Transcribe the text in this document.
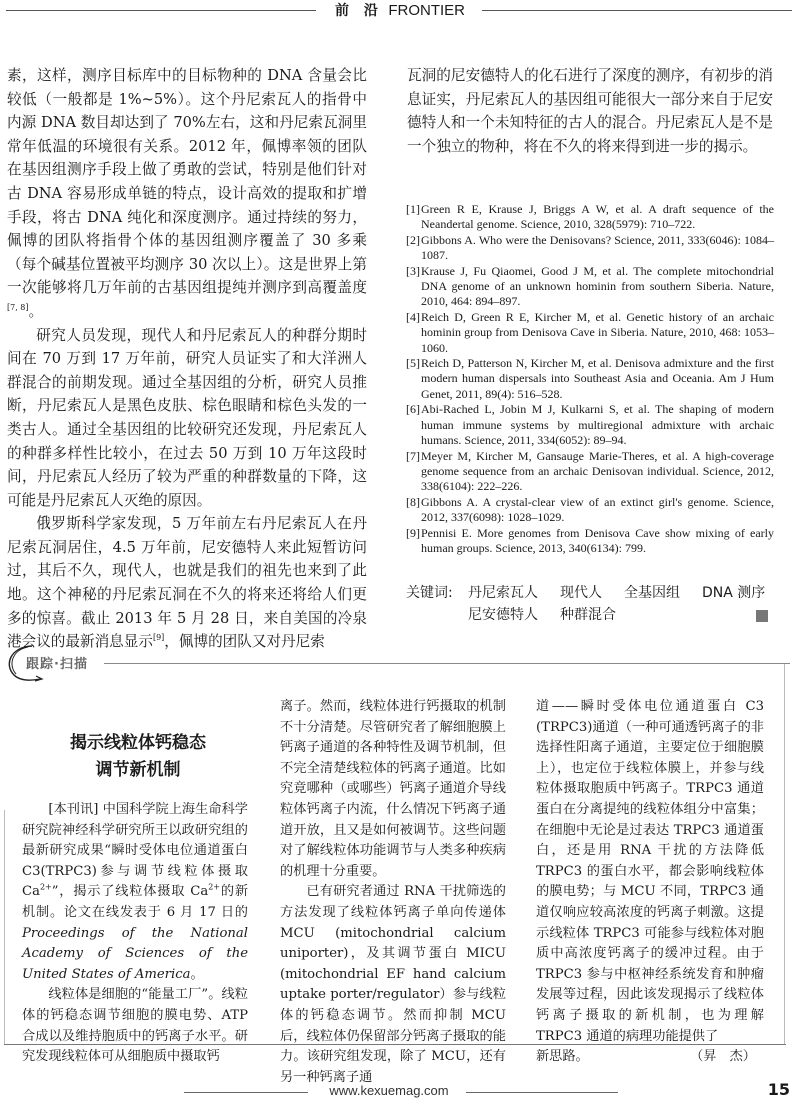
前 沿 FRONTIER

素，这样，测序目标库中的目标物种的 DNA 含量会比较低（一般都是 1%~5%）。这个丹尼索瓦人的指骨中内源 DNA 数目却达到了 70%左右，这和丹尼索瓦洞里常年低温的环境很有关系。2012 年，佩博率领的团队在基因组测序手段上做了勇敢的尝试，特别是他们针对古 DNA 容易形成单链的特点，设计高效的提取和扩增手段，将古 DNA 纯化和深度测序。通过持续的努力，佩博的团队将指骨个体的基因组测序覆盖了 30 多乘（每个碱基位置被平均测序 30 次以上）。这是世界上第一次能够将几万年前的古基因组提纯并测序到高覆盖度[7, 8]。

研究人员发现，现代人和丹尼索瓦人的种群分期时间在 70 万到 17 万年前，研究人员证实了和大洋洲人群混合的前期发现。通过全基因组的分析，研究人员推断，丹尼索瓦人是黑色皮肤、棕色眼睛和棕色头发的一类古人。通过全基因组的比较研究还发现，丹尼索瓦人的种群多样性比较小，在过去 50 万到 10 万年这段时间，丹尼索瓦人经历了较为严重的种群数量的下降，这可能是丹尼索瓦人灭绝的原因。

俄罗斯科学家发现，5 万年前左右丹尼索瓦人在丹尼索瓦洞居住，4.5 万年前，尼安德特人来此短暂访问过，其后不久，现代人，也就是我们的祖先也来到了此地。这个神秘的丹尼索瓦洞在不久的将来还将给人们更多的惊喜。截止 2013 年 5 月 28 日，来自美国的冷泉港会议的最新消息显示[9]，佩博的团队又对丹尼索

瓦洞的尼安德特人的化石进行了深度的测序，有初步的消息证实，丹尼索瓦人的基因组可能很大一部分来自于尼安德特人和一个未知特征的古人的混合。丹尼索瓦人是不是一个独立的物种，将在不久的将来得到进一步的揭示。

[1] Green R E, Krause J, Briggs A W, et al. A draft sequence of the Neandertal genome. Science, 2010, 328(5979): 710–722.
[2] Gibbons A. Who were the Denisovans? Science, 2011, 333(6046): 1084–1087.
[3] Krause J, Fu Qiaomei, Good J M, et al. The complete mitochondrial DNA genome of an unknown hominin from southern Siberia. Nature, 2010, 464: 894–897.
[4] Reich D, Green R E, Kircher M, et al. Genetic history of an archaic hominin group from Denisova Cave in Siberia. Nature, 2010, 468: 1053–1060.
[5] Reich D, Patterson N, Kircher M, et al. Denisova admixture and the first modern human dispersals into Southeast Asia and Oceania. Am J Hum Genet, 2011, 89(4): 516–528.
[6] Abi-Rached L, Jobin M J, Kulkarni S, et al. The shaping of modern human immune systems by multiregional admixture with archaic humans. Science, 2011, 334(6052): 89–94.
[7] Meyer M, Kircher M, Gansauge Marie-Theres, et al. A high-coverage genome sequence from an archaic Denisovan individual. Science, 2012, 338(6104): 222–226.
[8] Gibbons A. A crystal-clear view of an extinct girl's genome. Science, 2012, 337(6098): 1028–1029.
[9] Pennisi E. More genomes from Denisova Cave show mixing of early human groups. Science, 2013, 340(6134): 799.
关键词:	丹尼索瓦人 现代人 全基因组 DNA 测序
尼安德特人 种群混合
跟踪·扫描
揭示线粒体钙稳态
调节新机制

[本刊讯] 中国科学院上海生命科学研究院神经科学研究所王以政研究组的最新研究成果“瞬时受体电位通道蛋白 C3(TRPC3)参与调节线粒体摄取 $Ca^{2+}$”，揭示了线粒体摄取 $Ca^{2+}$的新机制。论文在线发表于 6 月 17 日的 Proceedings of the National Academy of Sciences of the United States of America。

线粒体是细胞的“能量工厂”。线粒体的钙稳态调节细胞的膜电势、ATP 合成以及维持胞质中的钙离子水平。研究发现线粒体可从细胞质中摄取钙

离子。然而，线粒体进行钙摄取的机制不十分清楚。尽管研究者了解细胞膜上钙离子通道的各种特性及调节机制，但不完全清楚线粒体的钙离子通道。比如究竟哪种（或哪些）钙离子通道介导线粒体钙离子内流，什么情况下钙离子通道开放，且又是如何被调节。这些问题对了解线粒体功能调节与人类多种疾病的机理十分重要。

已有研究者通过 RNA 干扰筛选的方法发现了线粒体钙离子单向传递体 MCU (mitochondrial calcium uniporter)，及其调节蛋白 MICU (mitochondrial EF hand calcium uptake porter/regulator）参与线粒体的钙稳态调节。然而抑制 MCU 后，线粒体仍保留部分钙离子摄取的能力。该研究组发现，除了 MCU，还有另一种钙离子通

道——瞬时受体电位通道蛋白 C3 (TRPC3)通道（一种可通透钙离子的非选择性阳离子通道，主要定位于细胞膜上），也定位于线粒体膜上，并参与线粒体摄取胞质中钙离子。TRPC3 通道蛋白在分离提纯的线粒体组分中富集；在细胞中无论是过表达 TRPC3 通道蛋白，还是用 RNA 干扰的方法降低 TRPC3 的蛋白水平，都会影响线粒体的膜电势；与 MCU 不同，TRPC3 通道仅响应较高浓度的钙离子刺激。这提示线粒体 TRPC3 可能参与线粒体对胞质中高浓度钙离子的缓冲过程。由于 TRPC3 参与中枢神经系统发育和肿瘤发展等过程，因此该发现揭示了线粒体钙离子摄取的新机制，也为理解 TRPC3 通道的病理功能提供了

新思路。	（昇　杰）
www.kexuemag.com	15
